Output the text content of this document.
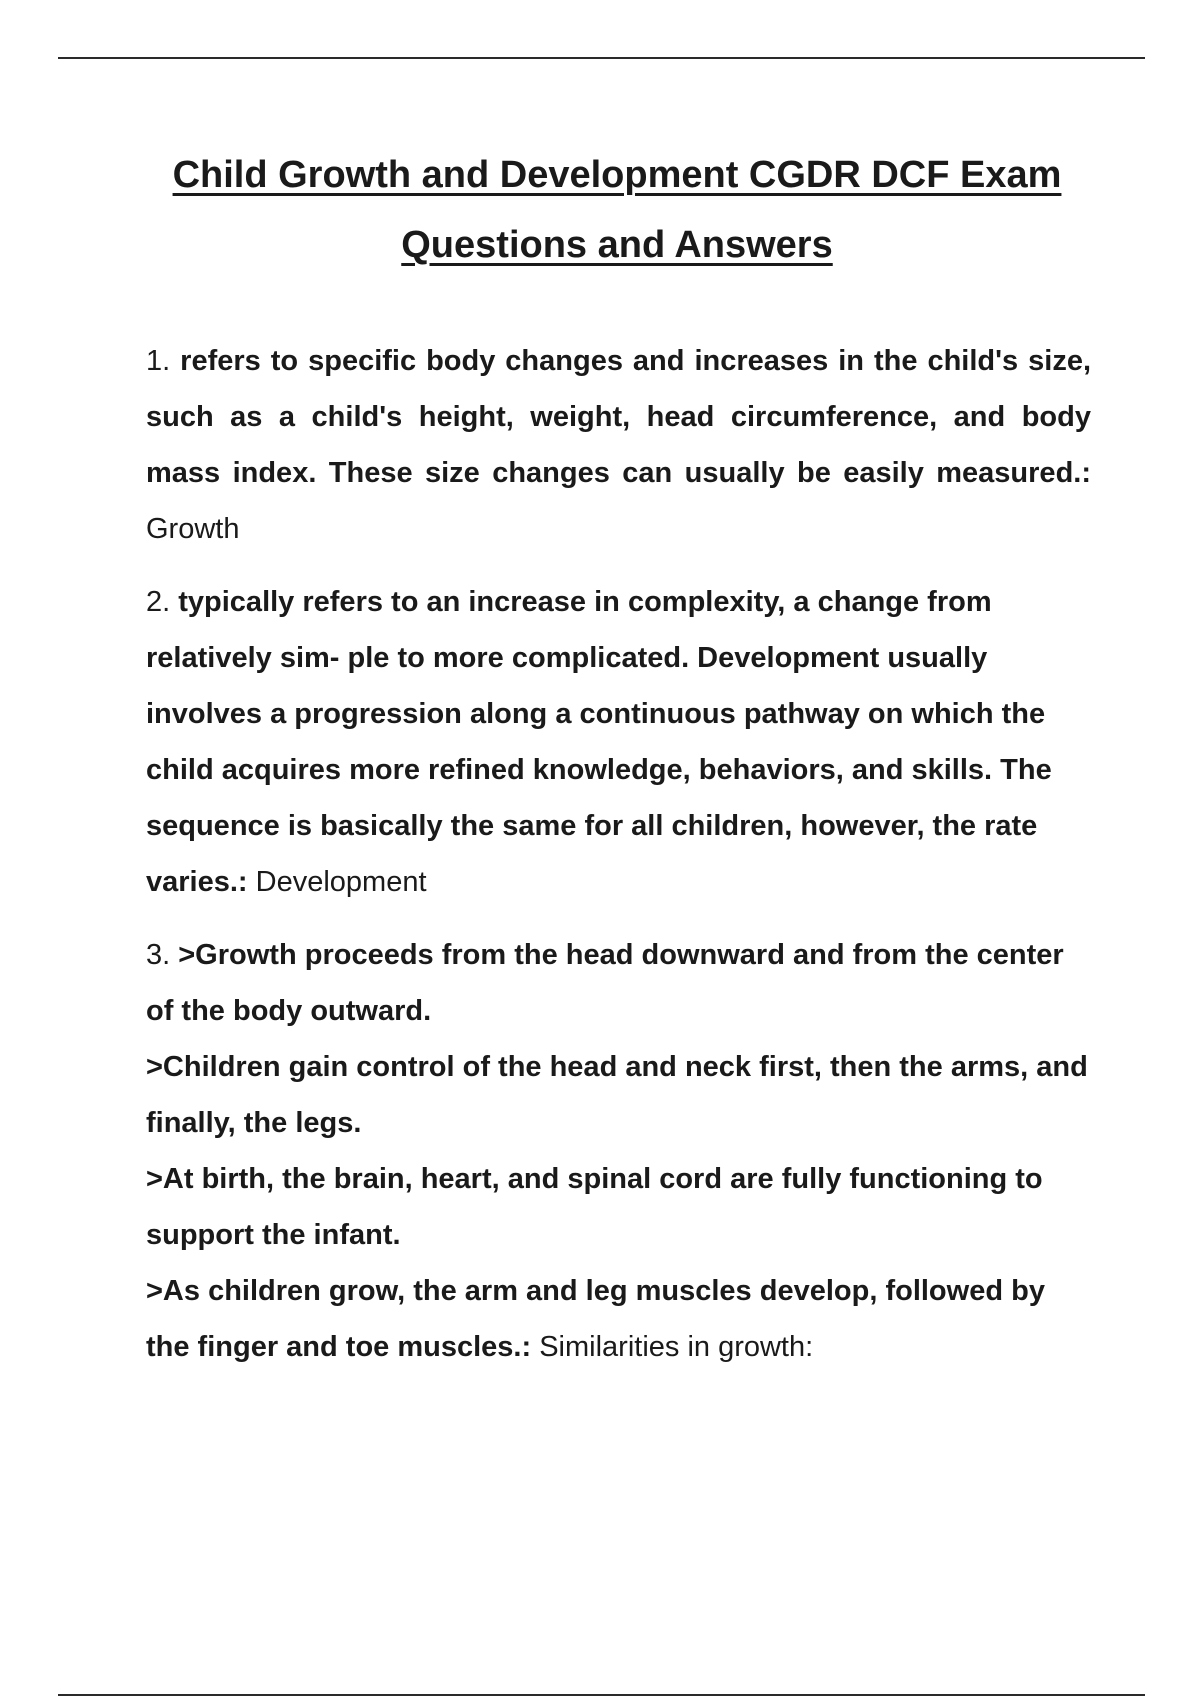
Child Growth and Development CGDR DCF Exam Questions and Answers
1. refers to specific body changes and increases in the child's size, such as a child's height, weight, head circumference, and body mass index. These size changes can usually be easily measured.: Growth
2. typically refers to an increase in complexity, a change from relatively sim- ple to more complicated. Development usually involves a progression along a continuous pathway on which the child acquires more refined knowledge, behaviors, and skills. The sequence is basically the same for all children, however, the rate varies.: Development
3. >Growth proceeds from the head downward and from the center of the body outward.
>Children gain control of the head and neck first, then the arms, and finally, the legs.
>At birth, the brain, heart, and spinal cord are fully functioning to support the infant.
>As children grow, the arm and leg muscles develop, followed by the finger and toe muscles.: Similarities in growth:
